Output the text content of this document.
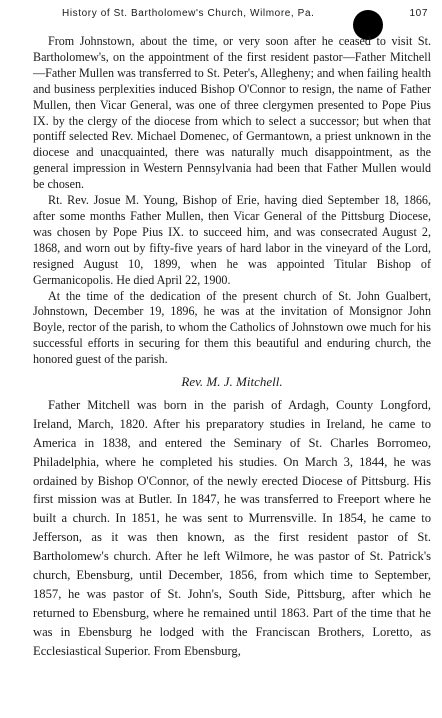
History of St. Bartholomew's Church, Wilmore, Pa.	107

From Johnstown, about the time, or very soon after he ceased to visit St. Bartholomew's, on the appointment of the first resident pastor—Father Mitchell—Father Mullen was transferred to St. Peter's, Allegheny; and when failing health and business perplexities induced Bishop O'Connor to resign, the name of Father Mullen, then Vicar General, was one of three clergymen presented to Pope Pius IX. by the clergy of the diocese from which to select a successor; but when that pontiff selected Rev. Michael Domenec, of Germantown, a priest unknown in the diocese and unacquainted, there was naturally much disappointment, as the general impression in Western Pennsylvania had been that Father Mullen would be chosen.

Rt. Rev. Josue M. Young, Bishop of Erie, having died September 18, 1866, after some months Father Mullen, then Vicar General of the Pittsburg Diocese, was chosen by Pope Pius IX. to succeed him, and was consecrated August 2, 1868, and worn out by fifty-five years of hard labor in the vineyard of the Lord, resigned August 10, 1899, when he was appointed Titular Bishop of Germanicopolis. He died April 22, 1900.

At the time of the dedication of the present church of St. John Gualbert, Johnstown, December 19, 1896, he was at the invitation of Monsignor John Boyle, rector of the parish, to whom the Catholics of Johnstown owe much for his successful efforts in securing for them this beautiful and enduring church, the honored guest of the parish.

Rev. M. J. Mitchell.

Father Mitchell was born in the parish of Ardagh, County Longford, Ireland, March, 1820. After his preparatory studies in Ireland, he came to America in 1838, and entered the Seminary of St. Charles Borromeo, Philadelphia, where he completed his studies. On March 3, 1844, he was ordained by Bishop O'Connor, of the newly erected Diocese of Pittsburg. His first mission was at Butler. In 1847, he was transferred to Freeport where he built a church. In 1851, he was sent to Murrensville. In 1854, he came to Jefferson, as it was then known, as the first resident pastor of St. Bartholomew's church. After he left Wilmore, he was pastor of St. Patrick's church, Ebensburg, until December, 1856, from which time to September, 1857, he was pastor of St. John's, South Side, Pittsburg, after which he returned to Ebensburg, where he remained until 1863. Part of the time that he was in Ebensburg he lodged with the Franciscan Brothers, Loretto, as Ecclesiastical Superior. From Ebensburg,
